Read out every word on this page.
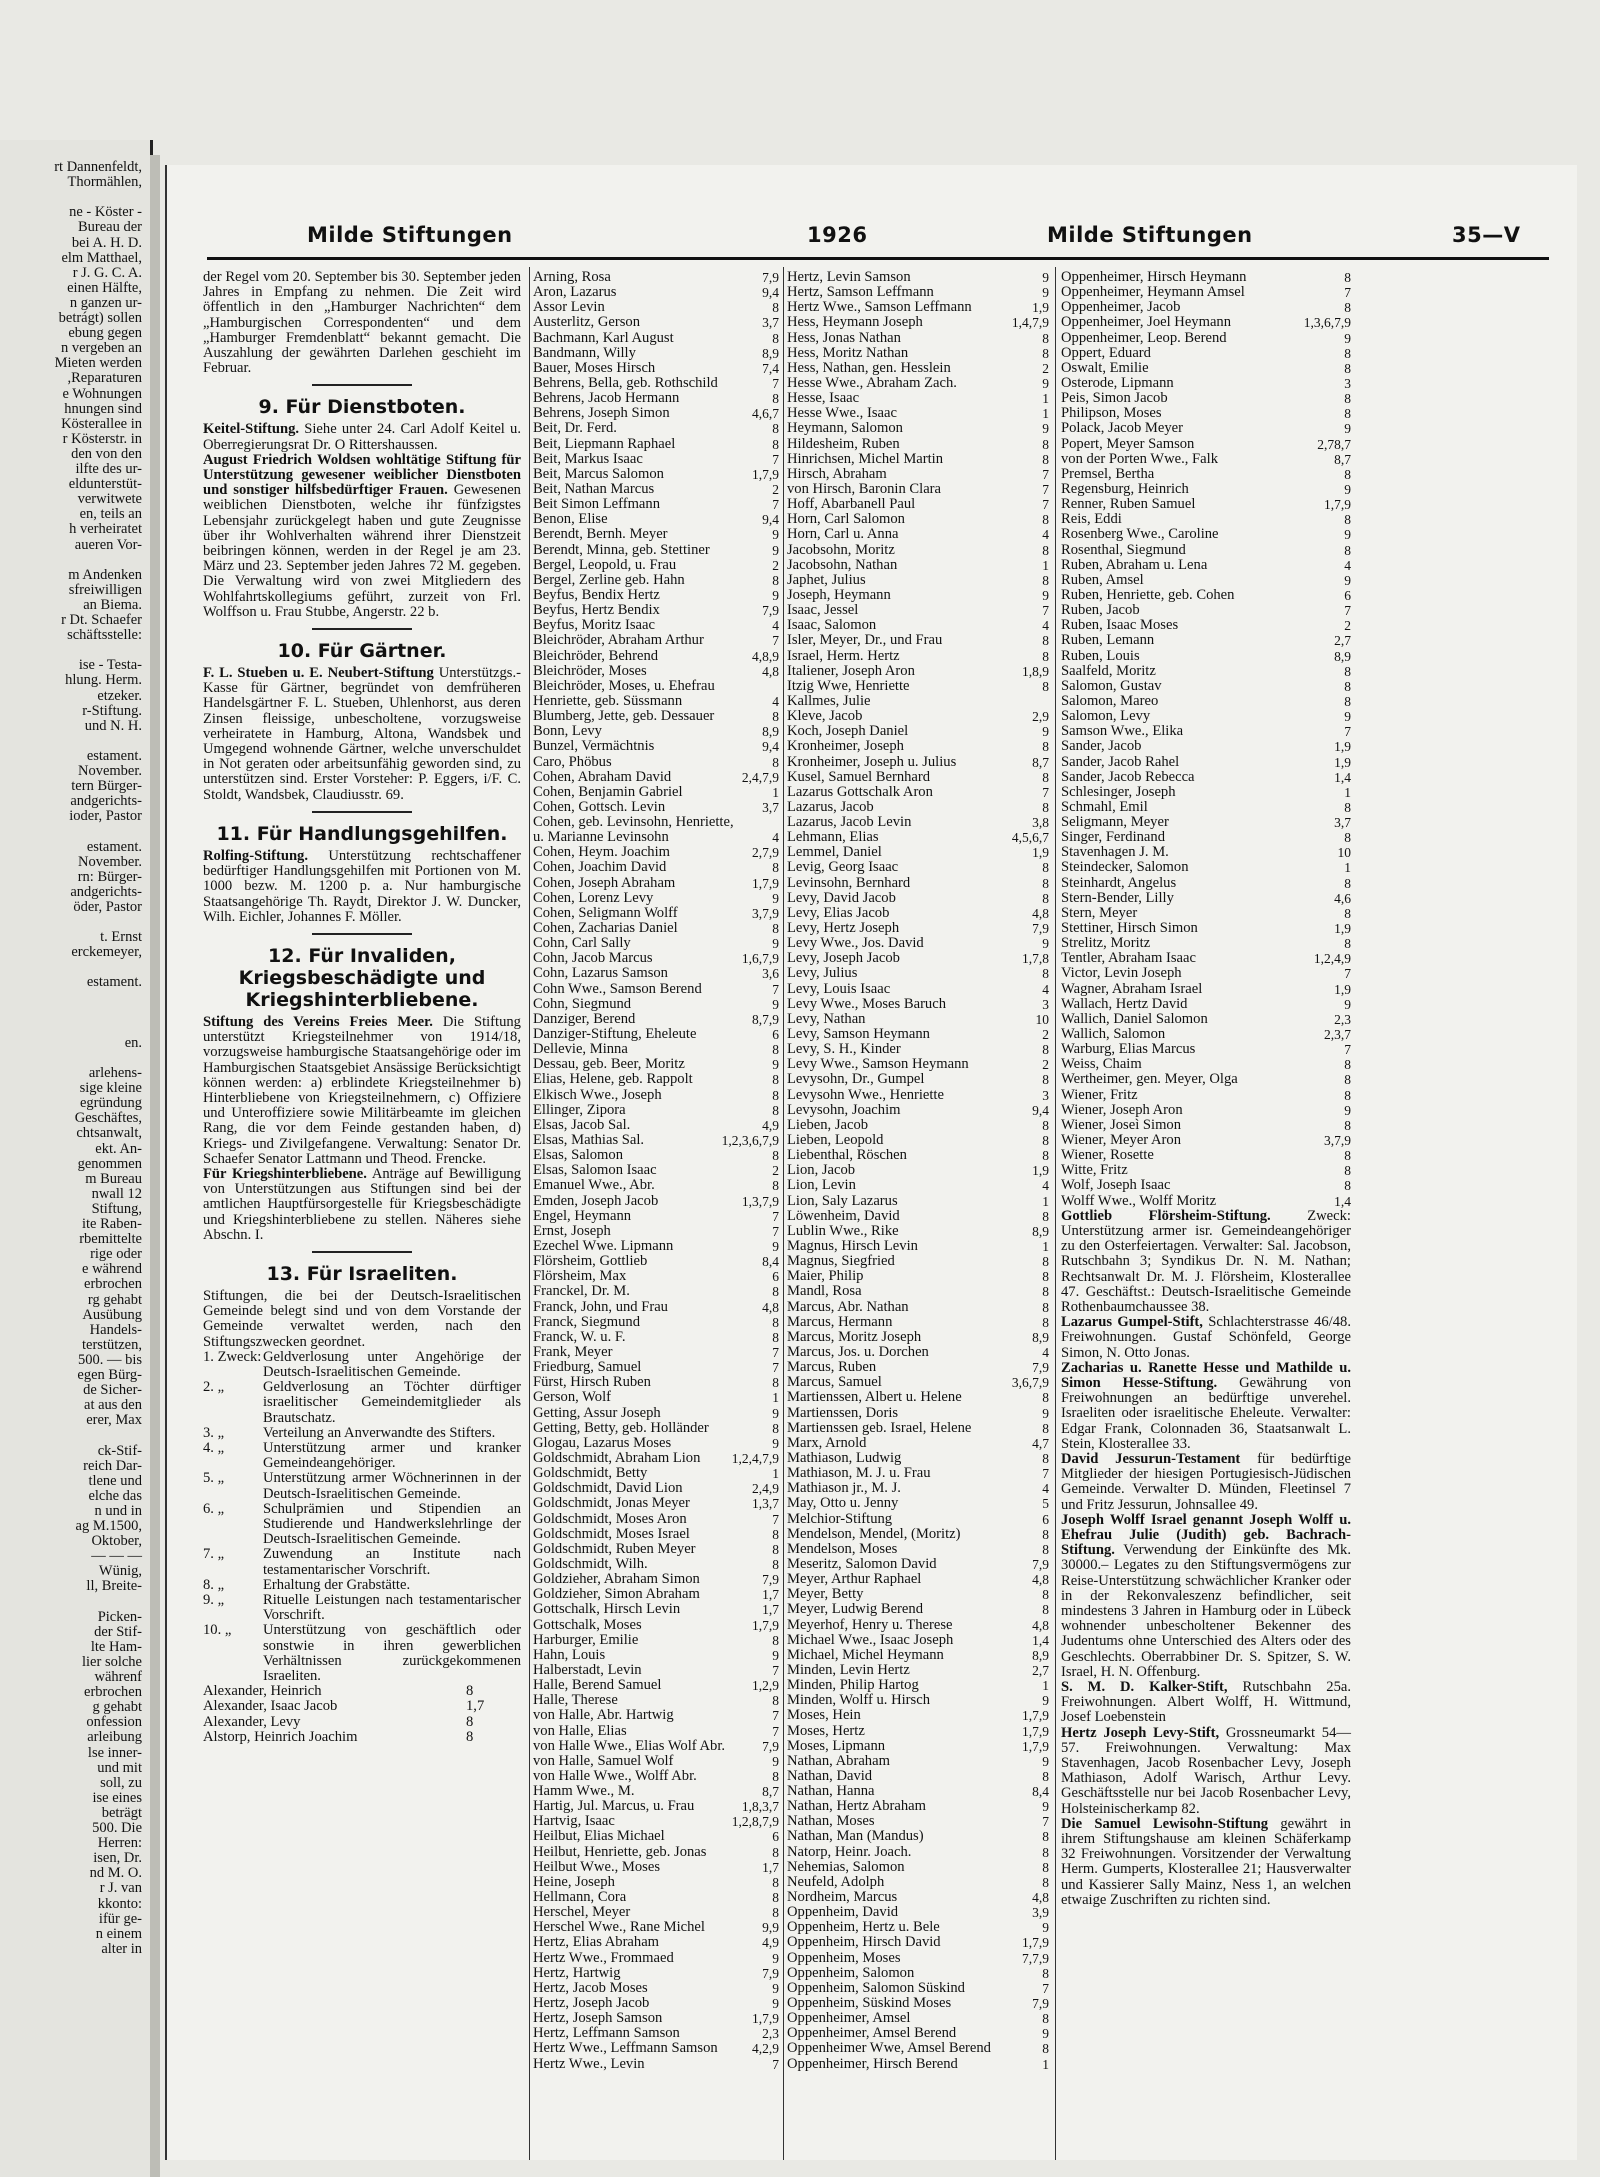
rt Dannenfeldt,
Thormählen,
ne - Köster -
Bureau der
bei A. H. D.
elm Matthael,
r J. G. C. A.
einen Hälfte,
n ganzen ur-
betrágt) sollen
ebung gegen
n vergeben an
Mieten werden
,Reparaturen
e Wohnungen
hnungen sind
Kösterallee in
r Kösterstr. in
den von den
ilfte des ur-
eldunterstüt-
verwitwete
en, teils an
h verheiratet
aueren Vor-
m Andenken
sfreiwilligen
an Biema.
r Dt. Schaefer
schäftsstelle:
ise - Testa-
hlung. Herm.
etzeker.
r-Stiftung.
und N. H.
estament.
November.
tern Bürger-
andgerichts-
ioder, Pastor
estament.
November.
rn: Bürger-
andgerichts-
öder, Pastor
t. Ernst
erckemeyer,
estament.
en.
arlehens-
sige kleine
egründung
Geschäftes,
chtsanwalt,
ekt. An-
genommen
m Bureau
nwall 12
Stiftung,
ite Raben-
rbemittelte
rige oder
e während
erbrochen
rg gehabt
Ausübung
Handels-
terstützen,
500. — bis
egen Bürg-
de Sicher-
at aus den
erer, Max
ck-Stif-
reich Dar-
tlene und
elche das
n und in
ag M.1500,
Oktober,
— — —
Wünig,
ll, Breite-
Picken-
der Stif-
lte Ham-
lier solche
währenf
erbrochen
g gehabt
onfession
arleibung
lse inner-
und mit
soll, zu
ise eines
beträgt
500. Die
Herren:
isen, Dr.
nd M. O.
r J. van
kkonto:
ifür ge-
n einem
alter in
Milde Stiftungen	1926	Milde Stiftungen	35—V

der Regel vom 20. September bis 30. September jeden Jahres in Empfang zu nehmen. Die Zeit wird öffentlich in den „Hamburger Nachrichten“ dem „Hamburgischen Correspondenten“ und dem „Hamburger Fremdenblatt“ bekannt gemacht. Die Auszahlung der gewährten Darlehen geschieht im Februar.

9. Für Dienstboten.

Keitel-Stiftung. Siehe unter 24. Carl Adolf Keitel u. Oberregierungsrat Dr. O Rittershaussen.

August Friedrich Woldsen wohltätige Stiftung für Unterstützung gewesener weiblicher Dienstboten und sonstiger hilfsbedürftiger Frauen. Gewesenen weiblichen Dienstboten, welche ihr fünfzigstes Lebensjahr zurückgelegt haben und gute Zeugnisse über ihr Wohlverhalten während ihrer Dienstzeit beibringen können, werden in der Regel je am 23. März und 23. September jeden Jahres 72 M. gegeben. Die Verwaltung wird von zwei Mitgliedern des Wohlfahrtskollegiums geführt, zurzeit von Frl. Wolffson u. Frau Stubbe, Angerstr. 22 b.

10. Für Gärtner.

F. L. Stueben u. E. Neubert-Stiftung Unterstützgs.-Kasse für Gärtner, begründet von demfrüheren Handelsgärtner F. L. Stueben, Uhlenhorst, aus deren Zinsen fleissige, unbescholtene, vorzugsweise verheiratete in Hamburg, Altona, Wandsbek und Umgegend wohnende Gärtner, welche unverschuldet in Not geraten oder arbeitsunfähig geworden sind, zu unterstützen sind. Erster Vorsteher: P. Eggers, i/F. C. Stoldt, Wandsbek, Claudiusstr. 69.

11. Für Handlungsgehilfen.

Rolfing-Stiftung. Unterstützung rechtschaffener bedürftiger Handlungsgehilfen mit Portionen von M. 1000 bezw. M. 1200 p. a. Nur hamburgische Staatsangehörige Th. Raydt, Direktor J. W. Duncker, Wilh. Eichler, Johannes F. Möller.

12. Für Invaliden, Kriegsbeschädigte und Kriegshinterbliebene.

Stiftung des Vereins Freies Meer. Die Stiftung unterstützt Kriegsteilnehmer von 1914/18, vorzugsweise hamburgische Staatsangehörige oder im Hamburgischen Staatsgebiet Ansässige Berücksichtigt können werden: a) erblindete Kriegsteilnehmer b) Hinterbliebene von Kriegsteilnehmern, c) Offiziere und Unteroffiziere sowie Militärbeamte im gleichen Rang, die vor dem Feinde gestanden haben, d) Kriegs- und Zivilgefangene. Verwaltung: Senator Dr. Schaefer Senator Lattmann und Theod. Frencke.

Für Kriegshinterbliebene. Anträge auf Bewilligung von Unterstützungen aus Stiftungen sind bei der amtlichen Hauptfürsorgestelle für Kriegsbeschädigte und Kriegshinterbliebene zu stellen. Näheres siehe Abschn. I.

13. Für Israeliten.

Stiftungen, die bei der Deutsch-Israelitischen Gemeinde belegt sind und von dem Vorstande der Gemeinde verwaltet werden, nach den Stiftungszwecken geordnet.

1. Zweck: Geldverlosung unter Angehörige der Deutsch-Israelitischen Gemeinde.
2. „	Geldverlosung an Töchter dürftiger israelitischer Gemeindemitglieder als Brautschatz.
3. „	Verteilung an Anverwandte des Stifters.
4. „	Unterstützung armer und kranker Gemeindeangehöriger.
5. „	Unterstützung armer Wöchnerinnen in der Deutsch-Israelitischen Gemeinde.
6. „	Schulprämien und Stipendien an Studierende und Handwerkslehrlinge der Deutsch-Israelitischen Gemeinde.
7. „	Zuwendung an Institute nach testamentarischer Vorschrift.
8. „	Erhaltung der Grabstätte.
9. „	Rituelle Leistungen nach testamentarischer Vorschrift.
10. „	Unterstützung von geschäftlich oder sonstwie in ihren gewerblichen Verhältnissen zurückgekommenen Israeliten.
Alexander, Heinrich	8
Alexander, Isaac Jacob	1,7
Alexander, Levy	8
Alstorp, Heinrich Joachim	8
Arning, Rosa	7,9
Aron, Lazarus	9,4
Assor Levin	8
Austerlitz, Gerson	3,7
Bachmann, Karl August	8
Bandmann, Willy	8,9
Bauer, Moses Hirsch	7,4
Behrens, Bella, geb. Rothschild	7
Behrens, Jacob Hermann	8
Behrens, Joseph Simon	4,6,7
Beit, Dr. Ferd.	8
Beit, Liepmann Raphael	8
Beit, Markus Isaac	7
Beit, Marcus Salomon	1,7,9
Beit, Nathan Marcus	2
Beit Simon Leffmann	7
Benon, Elise	9,4
Berendt, Bernh. Meyer	9
Berendt, Minna, geb. Stettiner	9
Bergel, Leopold, u. Frau	2
Bergel, Zerline geb. Hahn	8
Beyfus, Bendix Hertz	9
Beyfus, Hertz Bendix	7,9
Beyfus, Moritz Isaac	4
Bleichröder, Abraham Arthur	7
Bleichröder, Behrend	4,8,9
Bleichröder, Moses	4,8
Bleichröder, Moses, u. Ehefrau
Henriette, geb. Süssmann	4
Blumberg, Jette, geb. Dessauer	8
Bonn, Levy	8,9
Bunzel, Vermächtnis	9,4
Caro, Phöbus	8
Cohen, Abraham David	2,4,7,9
Cohen, Benjamin Gabriel	1
Cohen, Gottsch. Levin	3,7
Cohen, geb. Levinsohn, Henriette,
u. Marianne Levinsohn	4
Cohen, Heym. Joachim	2,7,9
Cohen, Joachim David	8
Cohen, Joseph Abraham	1,7,9
Cohen, Lorenz Levy	9
Cohen, Seligmann Wolff	3,7,9
Cohen, Zacharias Daniel	8
Cohn, Carl Sally	9
Cohn, Jacob Marcus	1,6,7,9
Cohn, Lazarus Samson	3,6
Cohn Wwe., Samson Berend	7
Cohn, Siegmund	9
Danziger, Berend	8,7,9
Danziger-Stiftung, Eheleute	6
Dellevie, Minna	8
Dessau, geb. Beer, Moritz	9
Elias, Helene, geb. Rappolt	8
Elkisch Wwe., Joseph	8
Ellinger, Zipora	8
Elsas, Jacob Sal.	4,9
Elsas, Mathias Sal.	1,2,3,6,7,9
Elsas, Salomon	8
Elsas, Salomon Isaac	2
Emanuel Wwe., Abr.	8
Emden, Joseph Jacob	1,3,7,9
Engel, Heymann	7
Ernst, Joseph	7
Ezechel Wwe. Lipmann	9
Flörsheim, Gottlieb	8,4
Flörsheim, Max	6
Franckel, Dr. M.	8
Franck, John, und Frau	4,8
Franck, Siegmund	8
Franck, W. u. F.	8
Frank, Meyer	7
Friedburg, Samuel	7
Fürst, Hirsch Ruben	8
Gerson, Wolf	1
Getting, Assur Joseph	9
Getting, Betty, geb. Holländer	8
Glogau, Lazarus Moses	9
Goldschmidt, Abraham Lion	1,2,4,7,9
Goldschmidt, Betty	1
Goldschmidt, David Lion	2,4,9
Goldschmidt, Jonas Meyer	1,3,7
Goldschmidt, Moses Aron	7
Goldschmidt, Moses Israel	8
Goldschmidt, Ruben Meyer	8
Goldschmidt, Wilh.	8
Goldzieher, Abraham Simon	7,9
Goldzieher, Simon Abraham	1,7
Gottschalk, Hirsch Levin	1,7
Gottschalk, Moses	1,7,9
Harburger, Emilie	8
Hahn, Louis	9
Halberstadt, Levin	7
Halle, Berend Samuel	1,2,9
Halle, Therese	8
von Halle, Abr. Hartwig	7
von Halle, Elias	7
von Halle Wwe., Elias Wolf Abr.	7,9
von Halle, Samuel Wolf	9
von Halle Wwe., Wolff Abr.	8
Hamm Wwe., M.	8,7
Hartig, Jul. Marcus, u. Frau	1,8,3,7
Hartvig, Isaac	1,2,8,7,9
Heilbut, Elias Michael	6
Heilbut, Henriette, geb. Jonas	8
Heilbut Wwe., Moses	1,7
Heine, Joseph	8
Hellmann, Cora	8
Herschel, Meyer	8
Herschel Wwe., Rane Michel	9,9
Hertz, Elias Abraham	4,9
Hertz Wwe., Frommaed	9
Hertz, Hartwig	7,9
Hertz, Jacob Moses	9
Hertz, Joseph Jacob	9
Hertz, Joseph Samson	1,7,9
Hertz, Leffmann Samson	2,3
Hertz Wwe., Leffmann Samson	4,2,9
Hertz Wwe., Levin	7
Hertz, Levin Samson	9
Hertz, Samson Leffmann	9
Hertz Wwe., Samson Leffmann	1,9
Hess, Heymann Joseph	1,4,7,9
Hess, Jonas Nathan	8
Hess, Moritz Nathan	8
Hess, Nathan, gen. Hesslein	2
Hesse Wwe., Abraham Zach.	9
Hesse, Isaac	1
Hesse Wwe., Isaac	1
Heymann, Salomon	9
Hildesheim, Ruben	8
Hinrichsen, Michel Martin	8
Hirsch, Abraham	7
von Hirsch, Baronin Clara	7
Hoff, Abarbanell Paul	7
Horn, Carl Salomon	8
Horn, Carl u. Anna	4
Jacobsohn, Moritz	8
Jacobsohn, Nathan	1
Japhet, Julius	8
Joseph, Heymann	9
Isaac, Jessel	7
Isaac, Salomon	4
Isler, Meyer, Dr., und Frau	8
Israel, Herm. Hertz	8
Italiener, Joseph Aron	1,8,9
Itzig Wwe, Henriette	8
Kallmes, Julie
Kleve, Jacob	2,9
Koch, Joseph Daniel	9
Kronheimer, Joseph	8
Kronheimer, Joseph u. Julius	8,7
Kusel, Samuel Bernhard	8
Lazarus Gottschalk Aron	7
Lazarus, Jacob	8
Lazarus, Jacob Levin	3,8
Lehmann, Elias	4,5,6,7
Lemmel, Daniel	1,9
Levig, Georg Isaac	8
Levinsohn, Bernhard	8
Levy, David Jacob	8
Levy, Elias Jacob	4,8
Levy, Hertz Joseph	7,9
Levy Wwe., Jos. David	9
Levy, Joseph Jacob	1,7,8
Levy, Julius	8
Levy, Louis Isaac	4
Levy Wwe., Moses Baruch	3
Levy, Nathan	10
Levy, Samson Heymann	2
Levy, S. H., Kinder	8
Levy Wwe., Samson Heymann	2
Levysohn, Dr., Gumpel	8
Levysohn Wwe., Henriette	3
Levysohn, Joachim	9,4
Lieben, Jacob	8
Lieben, Leopold	8
Liebenthal, Röschen	8
Lion, Jacob	1,9
Lion, Levin	4
Lion, Saly Lazarus	1
Löwenheim, David	8
Lublin Wwe., Rike	8,9
Magnus, Hirsch Levin	1
Magnus, Siegfried	8
Maier, Philip	8
Mandl, Rosa	8
Marcus, Abr. Nathan	8
Marcus, Hermann	8
Marcus, Moritz Joseph	8,9
Marcus, Jos. u. Dorchen	4
Marcus, Ruben	7,9
Marcus, Samuel	3,6,7,9
Martienssen, Albert u. Helene	8
Martienssen, Doris	9
Martienssen geb. Israel, Helene	8
Marx, Arnold	4,7
Mathiason, Ludwig	8
Mathiason, M. J. u. Frau	7
Mathiason jr., M. J.	4
May, Otto u. Jenny	5
Melchior-Stiftung	6
Mendelson, Mendel, (Moritz)	8
Mendelson, Moses	8
Meseritz, Salomon David	7,9
Meyer, Arthur Raphael	4,8
Meyer, Betty	8
Meyer, Ludwig Berend	8
Meyerhof, Henry u. Therese	4,8
Michael Wwe., Isaac Joseph	1,4
Michael, Michel Heymann	8,9
Minden, Levin Hertz	2,7
Minden, Philip Hartog	1
Minden, Wolff u. Hirsch	9
Moses, Hein	1,7,9
Moses, Hertz	1,7,9
Moses, Lipmann	1,7,9
Nathan, Abraham	9
Nathan, David	8
Nathan, Hanna	8,4
Nathan, Hertz Abraham	9
Nathan, Moses	7
Nathan, Man (Mandus)	8
Natorp, Heinr. Joach.	8
Nehemias, Salomon	8
Neufeld, Adolph	8
Nordheim, Marcus	4,8
Oppenheim, David	3,9
Oppenheim, Hertz u. Bele	9
Oppenheim, Hirsch David	1,7,9
Oppenheim, Moses	7,7,9
Oppenheim, Salomon	8
Oppenheim, Salomon Süskind	7
Oppenheim, Süskind Moses	7,9
Oppenheimer, Amsel	8
Oppenheimer, Amsel Berend	9
Oppenheimer Wwe, Amsel Berend	8
Oppenheimer, Hirsch Berend	1
Oppenheimer, Hirsch Heymann	8
Oppenheimer, Heymann Amsel	7
Oppenheimer, Jacob	8
Oppenheimer, Joel Heymann	1,3,6,7,9
Oppenheimer, Leop. Berend	9
Oppert, Eduard	8
Oswalt, Emilie	8
Osterode, Lipmann	3
Peis, Simon Jacob	8
Philipson, Moses	8
Polack, Jacob Meyer	9
Popert, Meyer Samson	2,78,7
von der Porten Wwe., Falk	8,7
Premsel, Bertha	8
Regensburg, Heinrich	9
Renner, Ruben Samuel	1,7,9
Reis, Eddi	8
Rosenberg Wwe., Caroline	9
Rosenthal, Siegmund	8
Ruben, Abraham u. Lena	4
Ruben, Amsel	9
Ruben, Henriette, geb. Cohen	6
Ruben, Jacob	7
Ruben, Isaac Moses	2
Ruben, Lemann	2,7
Ruben, Louis	8,9
Saalfeld, Moritz	8
Salomon, Gustav	8
Salomon, Mareo	8
Salomon, Levy	9
Samson Wwe., Elika	7
Sander, Jacob	1,9
Sander, Jacob Rahel	1,9
Sander, Jacob Rebecca	1,4
Schlesinger, Joseph	1
Schmahl, Emil	8
Seligmann, Meyer	3,7
Singer, Ferdinand	8
Stavenhagen J. M.	10
Steindecker, Salomon	1
Steinhardt, Angelus	8
Stern-Bender, Lilly	4,6
Stern, Meyer	8
Stettiner, Hirsch Simon	1,9
Strelitz, Moritz	8
Tentler, Abraham Isaac	1,2,4,9
Victor, Levin Joseph	7
Wagner, Abraham Israel	1,9
Wallach, Hertz David	9
Wallich, Daniel Salomon	2,3
Wallich, Salomon	2,3,7
Warburg, Elias Marcus	7
Weiss, Chaim	8
Wertheimer, gen. Meyer, Olga	8
Wiener, Fritz	8
Wiener, Joseph Aron	9
Wiener, Joseì Simon	8
Wiener, Meyer Aron	3,7,9
Wiener, Rosette	8
Witte, Fritz	8
Wolf, Joseph Isaac	8
Wolff Wwe., Wolff Moritz	1,4

Gottlieb Flörsheim-Stiftung.	Zweck: Unterstützung armer isr. Gemeindeangehöriger zu den Osterfeiertagen. Verwalter: Sal. Jacobson, Rutschbahn 3; Syndikus Dr. N. M. Nathan; Rechtsanwalt Dr. M. J. Flörsheim, Klosterallee 47. Geschäftst.: Deutsch-Israelitische Gemeinde Rothenbaumchaussee 38.

Lazarus Gumpel-Stift, Schlachterstrasse 46/48. Freiwohnungen. Gustaf Schönfeld, George Simon, N. Otto Jonas.

Zacharias u. Ranette Hesse und Mathilde u. Simon Hesse-Stiftung. Gewährung von Freiwohnungen an bedürftige unverehel. Israeliten oder israelitische Eheleute. Verwalter: Edgar Frank, Colonnaden 36, Staatsanwalt L. Stein, Klosterallee 33.

David Jessurun-Testament für bedürftige Mitglieder der hiesigen Portugiesisch-Jüdischen Gemeinde. Verwalter D. Münden, Fleetinsel 7 und Fritz Jessurun, Johnsallee 49.

Joseph Wolff Israel genannt Joseph Wolff u. Ehefrau Julie (Judith) geb. Bachrach-Stiftung. Verwendung der Einkünfte des Mk. 30000.– Legates zu den Stiftungsvermögens zur Reise-Unterstützung schwächlicher Kranker oder in der Rekonvaleszenz befindlicher, seit mindestens 3 Jahren in Hamburg oder in Lübeck wohnender unbescholtener Bekenner des Judentums ohne Unterschied des Alters oder des Geschlechts. Oberrabbiner Dr. S. Spitzer, S. W. Israel, H. N. Offenburg.

S. M. D. Kalker-Stift, Rutschbahn 25a. Freiwohnungen. Albert Wolff, H. Wittmund, Josef Loebenstein

Hertz Joseph Levy-Stift, Grossneumarkt 54—57. Freiwohnungen. Verwaltung: Max Stavenhagen, Jacob Rosenbacher Levy, Joseph Mathiason, Adolf Warisch, Arthur Levy. Geschäftsstelle nur bei Jacob Rosenbacher Levy, Holsteinischerkamp 82.

Die Samuel Lewisohn-Stiftung gewährt in ihrem Stiftungshause am kleinen Schäferkamp 32 Freiwohnungen. Vorsitzender der Verwaltung Herm. Gumperts, Klosterallee 21; Hausverwalter und Kassierer Sally Mainz, Ness 1, an welchen etwaige Zuschriften zu richten sind.
